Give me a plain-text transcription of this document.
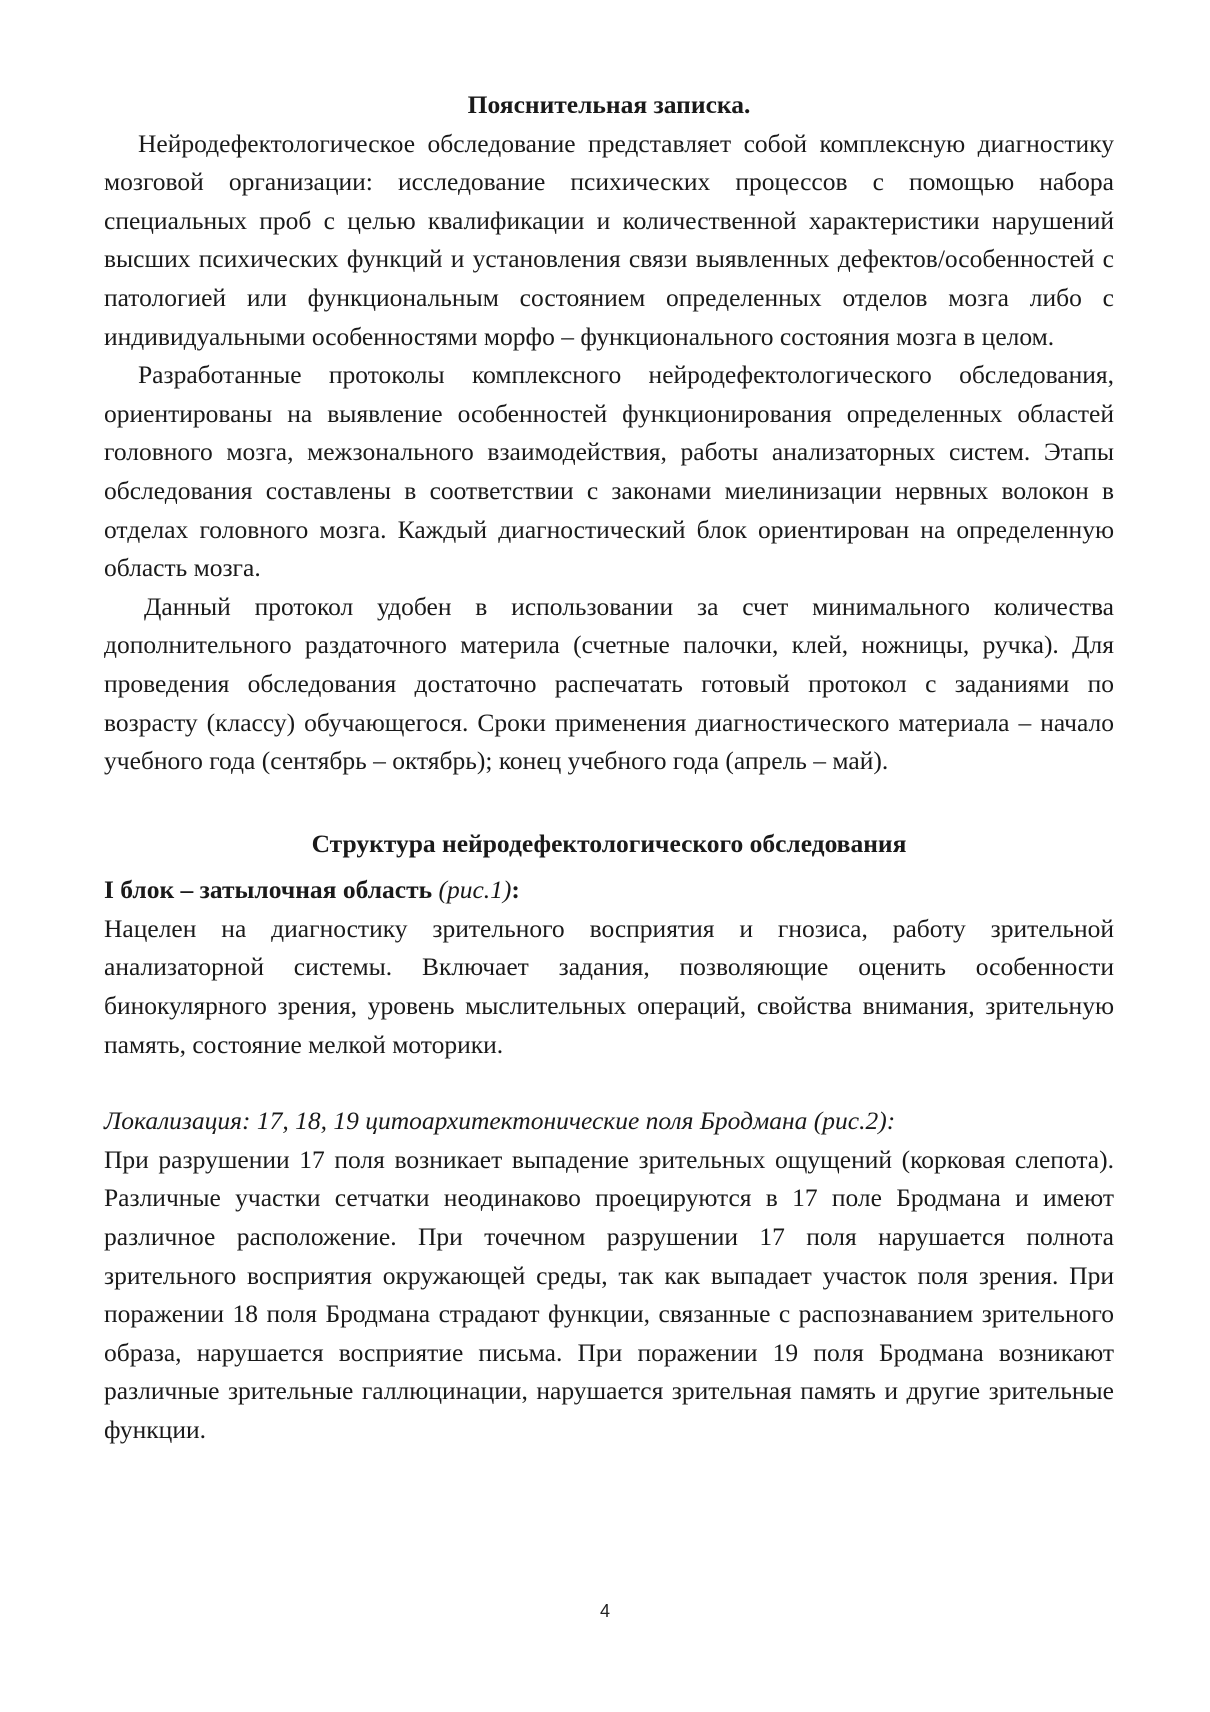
Пояснительная записка.

Нейродефектологическое обследование представляет собой комплексную диагностику мозговой организации: исследование психических процессов с помощью набора специальных проб с целью квалификации и количественной характеристики нарушений высших психических функций и установления связи выявленных дефектов/особенностей с патологией или функциональным состоянием определенных отделов мозга либо с индивидуальными особенностями морфо – функционального состояния мозга в целом.

Разработанные протоколы комплексного нейродефектологического обследования, ориентированы на выявление особенностей функционирования определенных областей головного мозга, межзонального взаимодействия, работы анализаторных систем. Этапы обследования составлены в соответствии с законами миелинизации нервных волокон в отделах головного мозга. Каждый диагностический блок ориентирован на определенную область мозга.

Данный протокол удобен в использовании за счет минимального количества дополнительного раздаточного материла (счетные палочки, клей, ножницы, ручка). Для проведения обследования достаточно распечатать готовый протокол с заданиями по возрасту (классу) обучающегося. Сроки применения диагностического материала – начало учебного года (сентябрь – октябрь); конец учебного года (апрель – май).

Структура нейродефектологического обследования

I блок – затылочная область (рис.1):

Нацелен на диагностику зрительного восприятия и гнозиса, работу зрительной анализаторной системы. Включает задания, позволяющие оценить особенности бинокулярного зрения, уровень мыслительных операций, свойства внимания, зрительную память, состояние мелкой моторики.

Локализация: 17, 18, 19 цитоархитектонические поля Бродмана (рис.2):

При разрушении 17 поля возникает выпадение зрительных ощущений (корковая слепота). Различные участки сетчатки неодинаково проецируются в 17 поле Бродмана и имеют различное расположение. При точечном разрушении 17 поля нарушается полнота зрительного восприятия окружающей среды, так как выпадает участок поля зрения. При поражении 18 поля Бродмана страдают функции, связанные с распознаванием зрительного образа, нарушается восприятие письма. При поражении 19 поля Бродмана возникают различные зрительные галлюцинации, нарушается зрительная память и другие зрительные функции.

4
